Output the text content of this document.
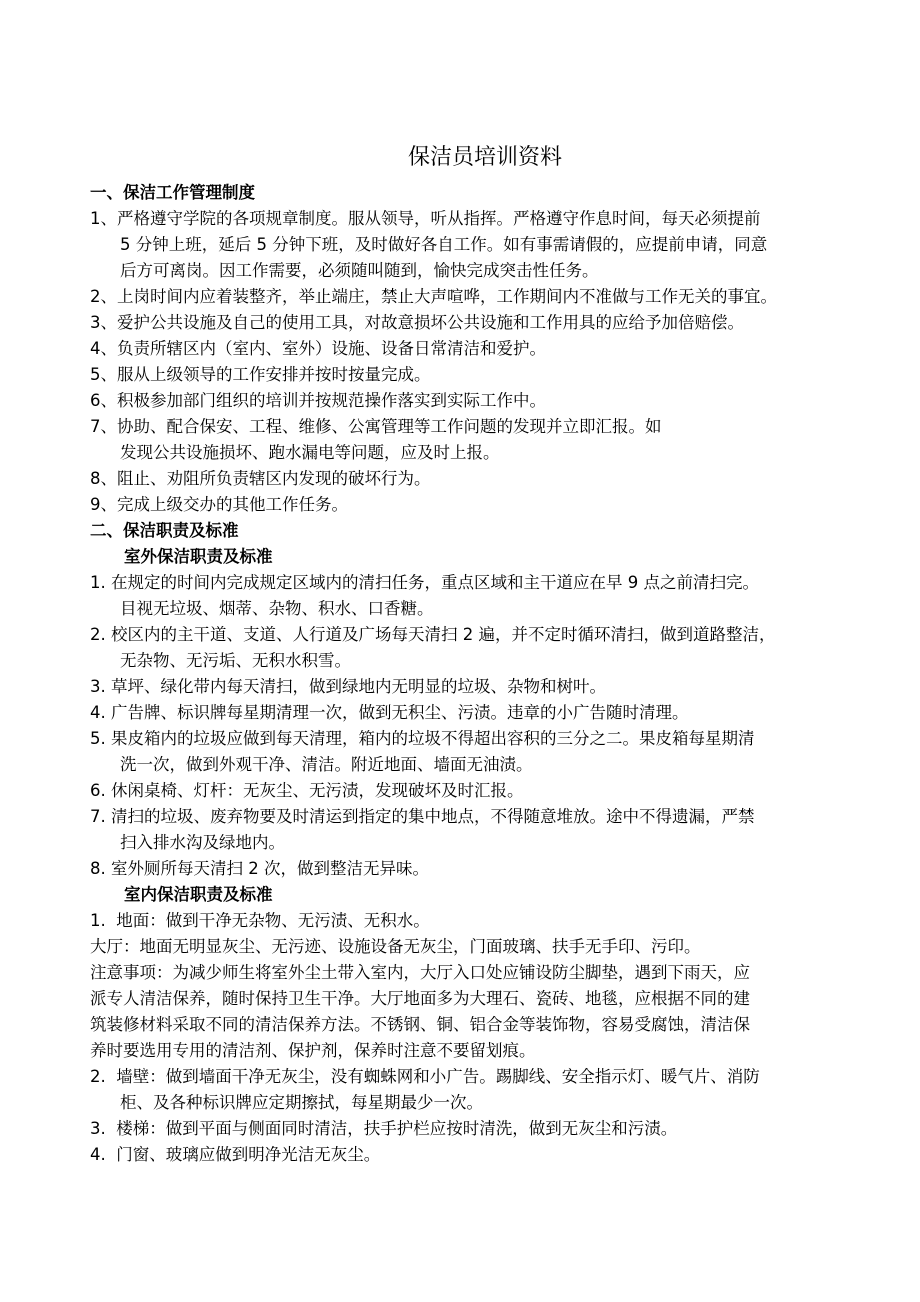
保洁员培训资料
一、保洁工作管理制度
1、严格遵守学院的各项规章制度。服从领导，听从指挥。严格遵守作息时间，每天必须提前
5 分钟上班，延后 5 分钟下班，及时做好各自工作。如有事需请假的，应提前申请，同意
后方可离岗。因工作需要，必须随叫随到，愉快完成突击性任务。
2、上岗时间内应着装整齐，举止端庄，禁止大声喧哗，工作期间内不准做与工作无关的事宜。
3、爱护公共设施及自己的使用工具，对故意损坏公共设施和工作用具的应给予加倍赔偿。
4、负责所辖区内（室内、室外）设施、设备日常清洁和爱护。
5、服从上级领导的工作安排并按时按量完成。
6、积极参加部门组织的培训并按规范操作落实到实际工作中。
7、协助、配合保安、工程、维修、公寓管理等工作问题的发现并立即汇报。如
发现公共设施损坏、跑水漏电等问题，应及时上报。
8、阻止、劝阻所负责辖区内发现的破坏行为。
9、完成上级交办的其他工作任务。
二、保洁职责及标准
室外保洁职责及标准
1. 在规定的时间内完成规定区域内的清扫任务，重点区域和主干道应在早 9 点之前清扫完。
目视无垃圾、烟蒂、杂物、积水、口香糖。
2. 校区内的主干道、支道、人行道及广场每天清扫 2 遍，并不定时循环清扫，做到道路整洁，
无杂物、无污垢、无积水积雪。
3. 草坪、绿化带内每天清扫，做到绿地内无明显的垃圾、杂物和树叶。
4. 广告牌、标识牌每星期清理一次，做到无积尘、污渍。违章的小广告随时清理。
5. 果皮箱内的垃圾应做到每天清理，箱内的垃圾不得超出容积的三分之二。果皮箱每星期清
洗一次，做到外观干净、清洁。附近地面、墙面无油渍。
6. 休闲桌椅、灯杆：无灰尘、无污渍，发现破坏及时汇报。
7. 清扫的垃圾、废弃物要及时清运到指定的集中地点，不得随意堆放。途中不得遗漏，严禁
扫入排水沟及绿地内。
8. 室外厕所每天清扫 2 次，做到整洁无异味。
室内保洁职责及标准
1. 地面：做到干净无杂物、无污渍、无积水。
大厅：地面无明显灰尘、无污迹、设施设备无灰尘，门面玻璃、扶手无手印、污印。
注意事项：为减少师生将室外尘土带入室内，大厅入口处应铺设防尘脚垫，遇到下雨天，应
派专人清洁保养，随时保持卫生干净。大厅地面多为大理石、瓷砖、地毯，应根据不同的建
筑装修材料采取不同的清洁保养方法。不锈钢、铜、铝合金等装饰物，容易受腐蚀，清洁保
养时要选用专用的清洁剂、保护剂，保养时注意不要留划痕。
2. 墙壁：做到墙面干净无灰尘，没有蜘蛛网和小广告。踢脚线、安全指示灯、暖气片、消防
柜、及各种标识牌应定期擦拭，每星期最少一次。
3. 楼梯：做到平面与侧面同时清洁，扶手护栏应按时清洗，做到无灰尘和污渍。
4. 门窗、玻璃应做到明净光洁无灰尘。
